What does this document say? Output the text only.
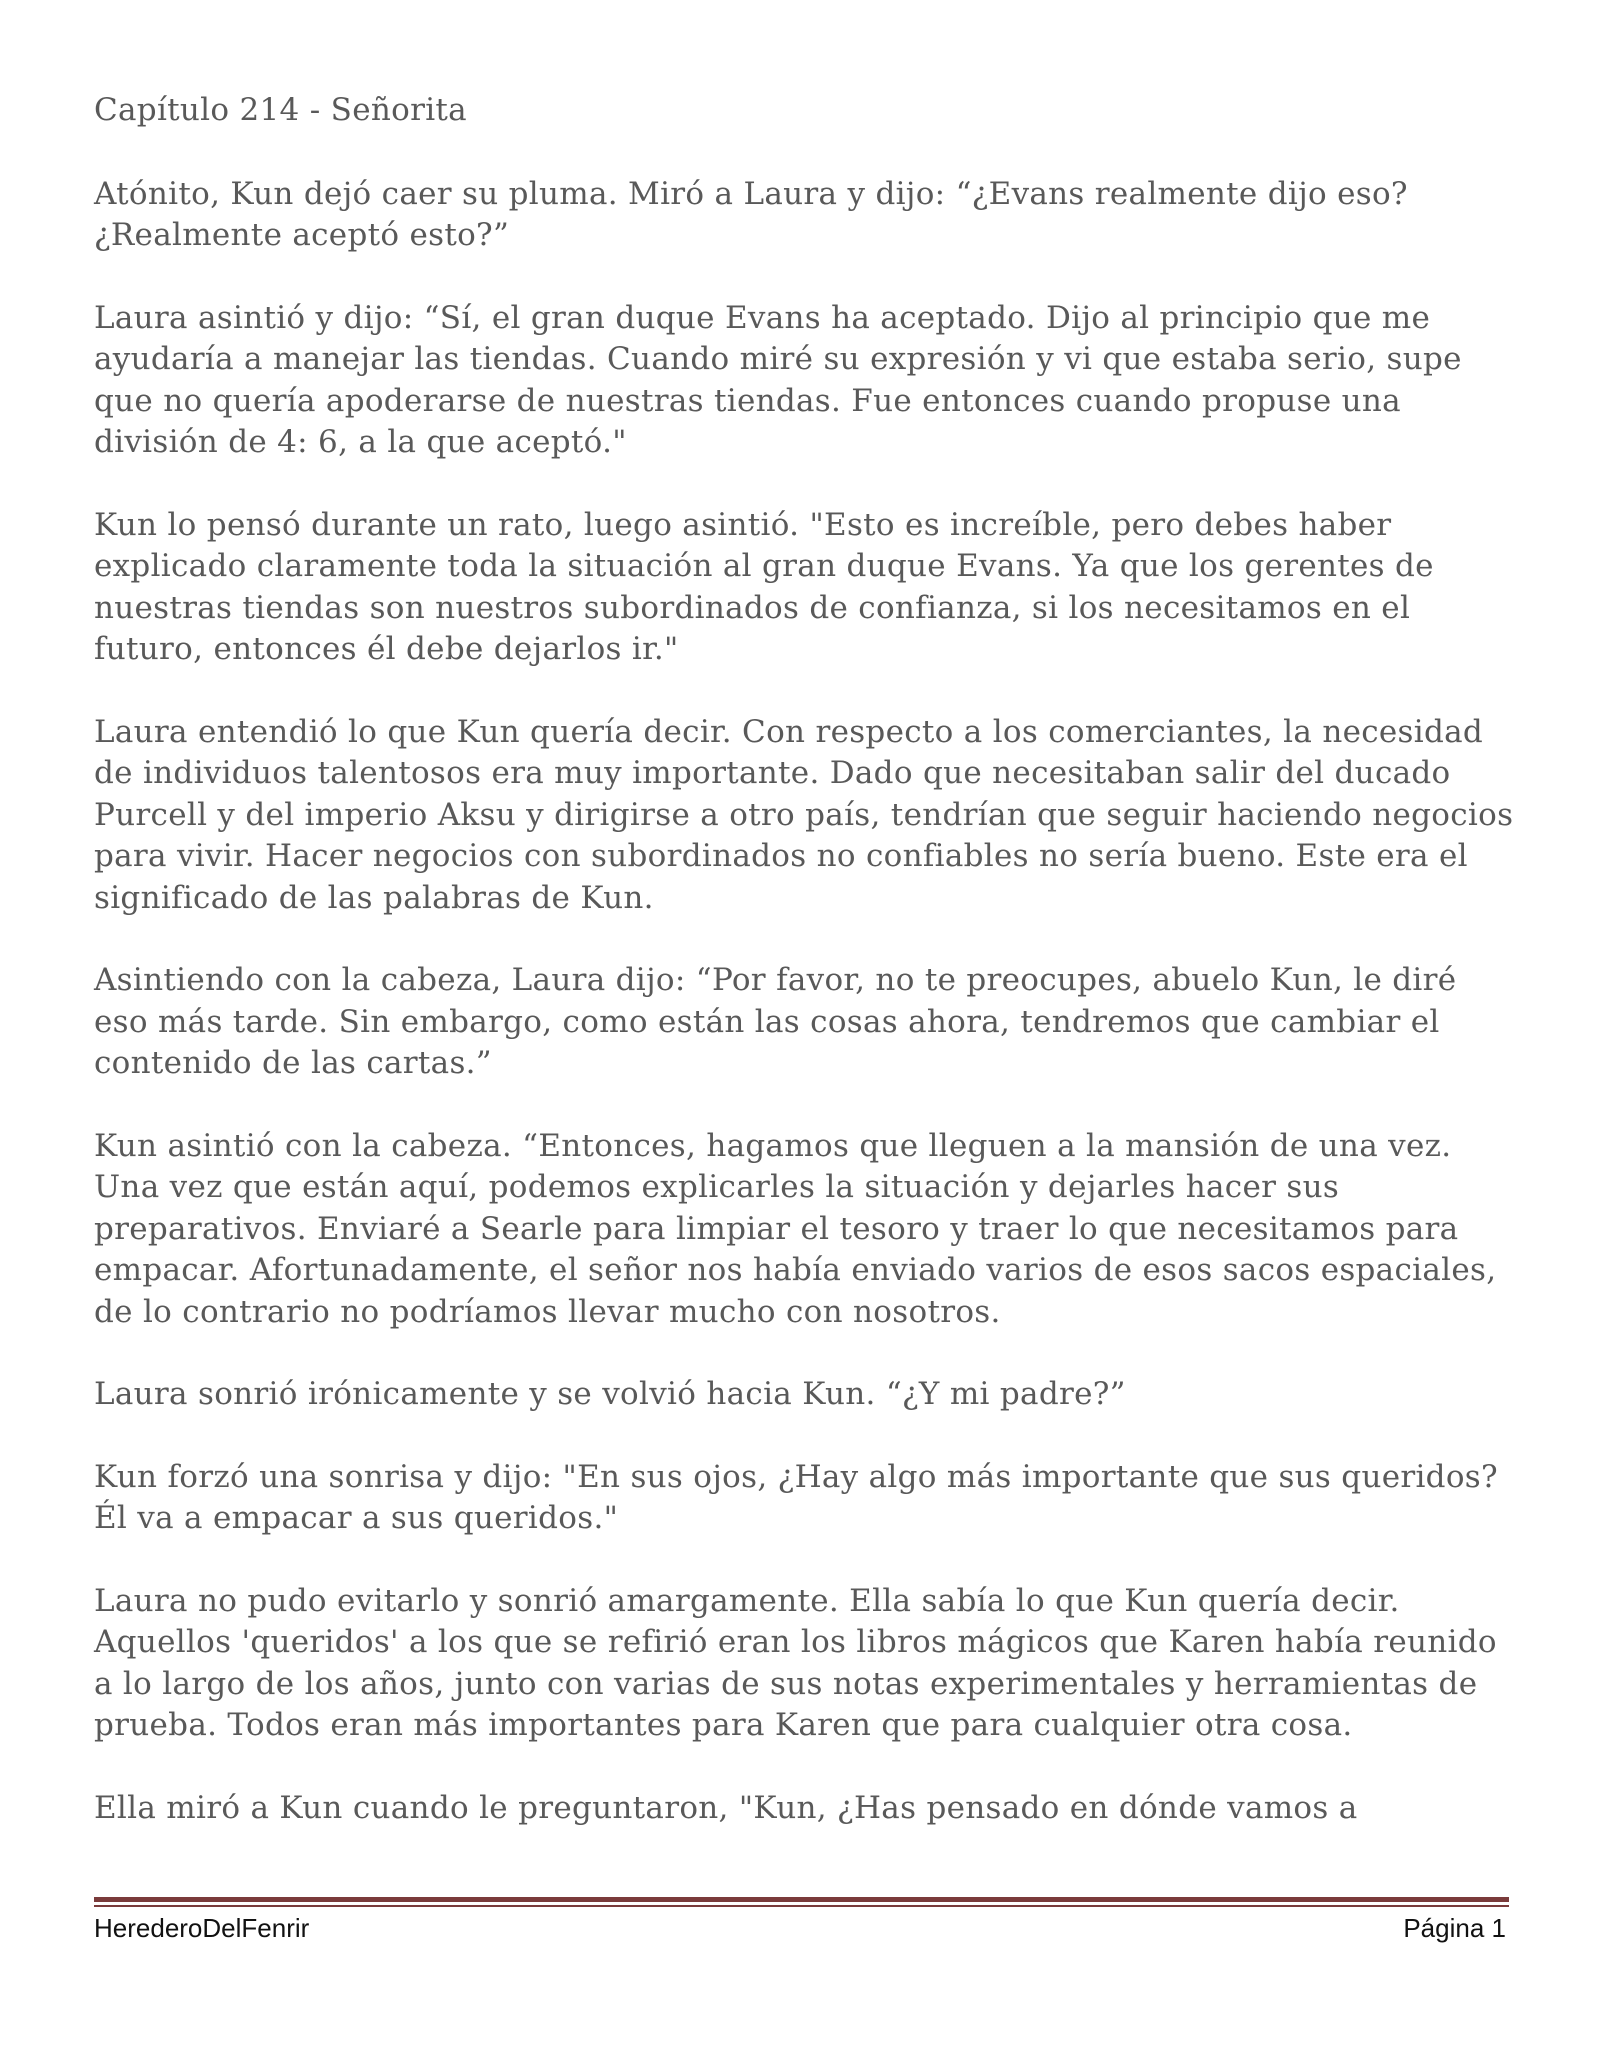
Capítulo 214 - Señorita

Atónito, Kun dejó caer su pluma. Miró a Laura y dijo: “¿Evans realmente dijo eso? ¿Realmente aceptó esto?”

Laura asintió y dijo: “Sí, el gran duque Evans ha aceptado. Dijo al principio que me ayudaría a manejar las tiendas. Cuando miré su expresión y vi que estaba serio, supe que no quería apoderarse de nuestras tiendas. Fue entonces cuando propuse una división de 4: 6, a la que aceptó."

Kun lo pensó durante un rato, luego asintió. "Esto es increíble, pero debes haber explicado claramente toda la situación al gran duque Evans. Ya que los gerentes de nuestras tiendas son nuestros subordinados de confianza, si los necesitamos en el futuro, entonces él debe dejarlos ir."

Laura entendió lo que Kun quería decir. Con respecto a los comerciantes, la necesidad de individuos talentosos era muy importante. Dado que necesitaban salir del ducado Purcell y del imperio Aksu y dirigirse a otro país, tendrían que seguir haciendo negocios para vivir. Hacer negocios con subordinados no confiables no sería bueno. Este era el significado de las palabras de Kun.

Asintiendo con la cabeza, Laura dijo: “Por favor, no te preocupes, abuelo Kun, le diré eso más tarde. Sin embargo, como están las cosas ahora, tendremos que cambiar el contenido de las cartas.”

Kun asintió con la cabeza. “Entonces, hagamos que lleguen a la mansión de una vez. Una vez que están aquí, podemos explicarles la situación y dejarles hacer sus preparativos. Enviaré a Searle para limpiar el tesoro y traer lo que necesitamos para empacar. Afortunadamente, el señor nos había enviado varios de esos sacos espaciales, de lo contrario no podríamos llevar mucho con nosotros.

Laura sonrió irónicamente y se volvió hacia Kun. “¿Y mi padre?”

Kun forzó una sonrisa y dijo: "En sus ojos, ¿Hay algo más importante que sus queridos? Él va a empacar a sus queridos."

Laura no pudo evitarlo y sonrió amargamente. Ella sabía lo que Kun quería decir. Aquellos 'queridos' a los que se refirió eran los libros mágicos que Karen había reunido a lo largo de los años, junto con varias de sus notas experimentales y herramientas de prueba. Todos eran más importantes para Karen que para cualquier otra cosa.

Ella miró a Kun cuando le preguntaron, "Kun, ¿Has pensado en dónde vamos a

HerederoDelFenrir	Página 1
